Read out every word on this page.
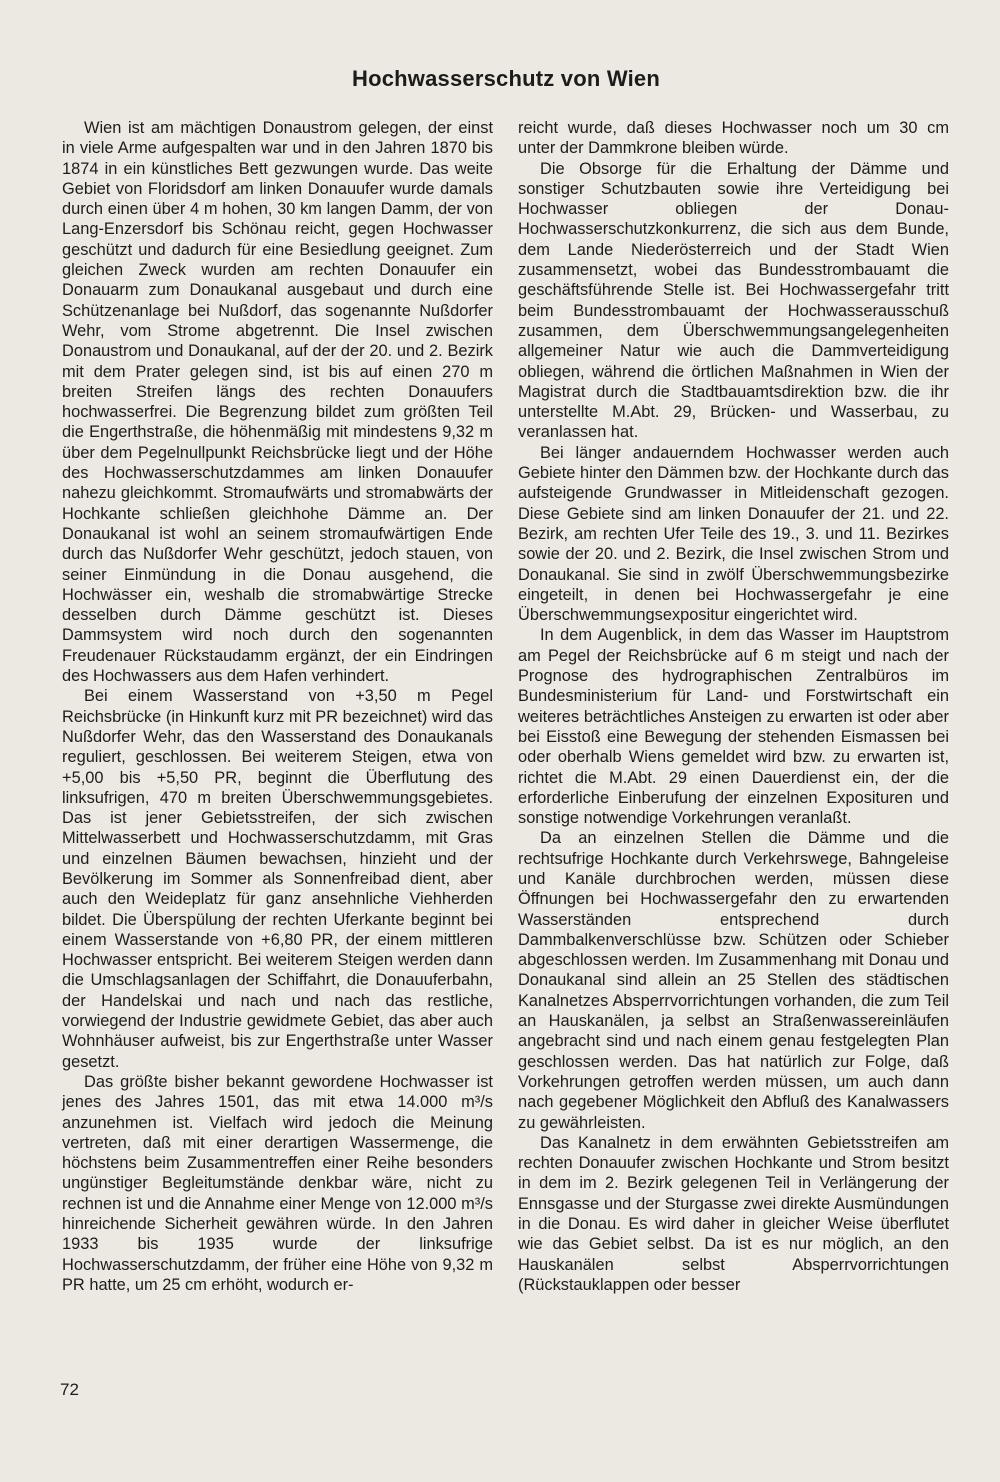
Hochwasserschutz von Wien

Wien ist am mächtigen Donaustrom gelegen, der einst in viele Arme aufgespalten war und in den Jahren 1870 bis 1874 in ein künstliches Bett gezwungen wurde. Das weite Gebiet von Floridsdorf am linken Donauufer wurde damals durch einen über 4 m hohen, 30 km langen Damm, der von Lang-Enzersdorf bis Schönau reicht, gegen Hochwasser geschützt und dadurch für eine Besiedlung geeignet. Zum gleichen Zweck wurden am rechten Donauufer ein Donauarm zum Donaukanal ausgebaut und durch eine Schützenanlage bei Nußdorf, das sogenannte Nußdorfer Wehr, vom Strome abgetrennt. Die Insel zwischen Donaustrom und Donaukanal, auf der der 20. und 2. Bezirk mit dem Prater gelegen sind, ist bis auf einen 270 m breiten Streifen längs des rechten Donauufers hochwasserfrei. Die Begrenzung bildet zum größten Teil die Engerthstraße, die höhenmäßig mit mindestens 9,32 m über dem Pegelnullpunkt Reichsbrücke liegt und der Höhe des Hochwasserschutzdammes am linken Donauufer nahezu gleichkommt. Stromaufwärts und stromabwärts der Hochkante schließen gleichhohe Dämme an. Der Donaukanal ist wohl an seinem stromaufwärtigen Ende durch das Nußdorfer Wehr geschützt, jedoch stauen, von seiner Einmündung in die Donau ausgehend, die Hochwässer ein, weshalb die stromabwärtige Strecke desselben durch Dämme geschützt ist. Dieses Dammsystem wird noch durch den sogenannten Freudenauer Rückstaudamm ergänzt, der ein Eindringen des Hochwassers aus dem Hafen verhindert.

Bei einem Wasserstand von +3,50 m Pegel Reichsbrücke (in Hinkunft kurz mit PR bezeichnet) wird das Nußdorfer Wehr, das den Wasserstand des Donaukanals reguliert, geschlossen. Bei weiterem Steigen, etwa von +5,00 bis +5,50 PR, beginnt die Überflutung des linksufrigen, 470 m breiten Überschwemmungsgebietes. Das ist jener Gebietsstreifen, der sich zwischen Mittelwasserbett und Hochwasserschutzdamm, mit Gras und einzelnen Bäumen bewachsen, hinzieht und der Bevölkerung im Sommer als Sonnenfreibad dient, aber auch den Weideplatz für ganz ansehnliche Viehherden bildet. Die Überspülung der rechten Uferkante beginnt bei einem Wasserstande von +6,80 PR, der einem mittleren Hochwasser entspricht. Bei weiterem Steigen werden dann die Umschlagsanlagen der Schiffahrt, die Donauuferbahn, der Handelskai und nach und nach das restliche, vorwiegend der Industrie gewidmete Gebiet, das aber auch Wohnhäuser aufweist, bis zur Engerthstraße unter Wasser gesetzt.

Das größte bisher bekannt gewordene Hochwasser ist jenes des Jahres 1501, das mit etwa 14.000 m³/s anzunehmen ist. Vielfach wird jedoch die Meinung vertreten, daß mit einer derartigen Wassermenge, die höchstens beim Zusammentreffen einer Reihe besonders ungünstiger Begleitumstände denkbar wäre, nicht zu rechnen ist und die Annahme einer Menge von 12.000 m³/s hinreichende Sicherheit gewähren würde. In den Jahren 1933 bis 1935 wurde der linksufrige Hochwasserschutzdamm, der früher eine Höhe von 9,32 m PR hatte, um 25 cm erhöht, wodurch er-

reicht wurde, daß dieses Hochwasser noch um 30 cm unter der Dammkrone bleiben würde.

Die Obsorge für die Erhaltung der Dämme und sonstiger Schutzbauten sowie ihre Verteidigung bei Hochwasser obliegen der Donau-Hochwasserschutzkonkurrenz, die sich aus dem Bunde, dem Lande Niederösterreich und der Stadt Wien zusammensetzt, wobei das Bundesstrombauamt die geschäftsführende Stelle ist. Bei Hochwassergefahr tritt beim Bundesstrombauamt der Hochwasserausschuß zusammen, dem Überschwemmungsangelegenheiten allgemeiner Natur wie auch die Dammverteidigung obliegen, während die örtlichen Maßnahmen in Wien der Magistrat durch die Stadtbauamtsdirektion bzw. die ihr unterstellte M.Abt. 29, Brücken- und Wasserbau, zu veranlassen hat.

Bei länger andauerndem Hochwasser werden auch Gebiete hinter den Dämmen bzw. der Hochkante durch das aufsteigende Grundwasser in Mitleidenschaft gezogen. Diese Gebiete sind am linken Donauufer der 21. und 22. Bezirk, am rechten Ufer Teile des 19., 3. und 11. Bezirkes sowie der 20. und 2. Bezirk, die Insel zwischen Strom und Donaukanal. Sie sind in zwölf Überschwemmungsbezirke eingeteilt, in denen bei Hochwassergefahr je eine Überschwemmungsexpositur eingerichtet wird.

In dem Augenblick, in dem das Wasser im Hauptstrom am Pegel der Reichsbrücke auf 6 m steigt und nach der Prognose des hydrographischen Zentralbüros im Bundesministerium für Land- und Forstwirtschaft ein weiteres beträchtliches Ansteigen zu erwarten ist oder aber bei Eisstoß eine Bewegung der stehenden Eismassen bei oder oberhalb Wiens gemeldet wird bzw. zu erwarten ist, richtet die M.Abt. 29 einen Dauerdienst ein, der die erforderliche Einberufung der einzelnen Exposituren und sonstige notwendige Vorkehrungen veranlaßt.

Da an einzelnen Stellen die Dämme und die rechtsufrige Hochkante durch Verkehrswege, Bahngeleise und Kanäle durchbrochen werden, müssen diese Öffnungen bei Hochwassergefahr den zu erwartenden Wasserständen entsprechend durch Dammbalkenverschlüsse bzw. Schützen oder Schieber abgeschlossen werden. Im Zusammenhang mit Donau und Donaukanal sind allein an 25 Stellen des städtischen Kanalnetzes Absperrvorrichtungen vorhanden, die zum Teil an Hauskanälen, ja selbst an Straßenwassereinläufen angebracht sind und nach einem genau festgelegten Plan geschlossen werden. Das hat natürlich zur Folge, daß Vorkehrungen getroffen werden müssen, um auch dann nach gegebener Möglichkeit den Abfluß des Kanalwassers zu gewährleisten.

Das Kanalnetz in dem erwähnten Gebietsstreifen am rechten Donauufer zwischen Hochkante und Strom besitzt in dem im 2. Bezirk gelegenen Teil in Verlängerung der Ennsgasse und der Sturgasse zwei direkte Ausmündungen in die Donau. Es wird daher in gleicher Weise überflutet wie das Gebiet selbst. Da ist es nur möglich, an den Hauskanälen selbst Absperrvorrichtungen (Rückstauklappen oder besser

72
